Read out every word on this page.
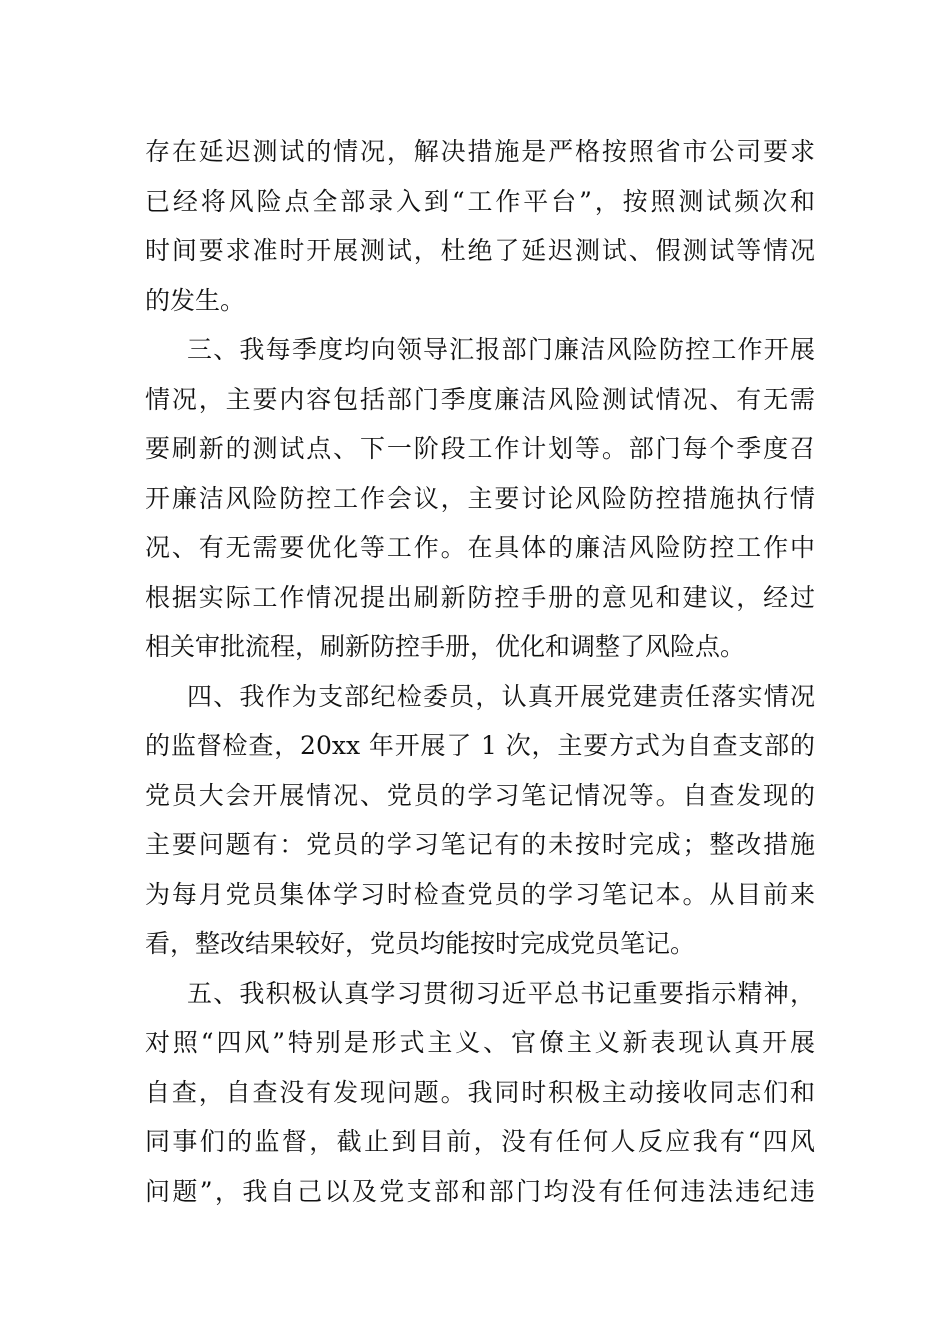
存在延迟测试的情况，解决措施是严格按照省市公司要求
已经将风险点全部录入到“工作平台”，按照测试频次和
时间要求准时开展测试，杜绝了延迟测试、假测试等情况
的发生。
三、我每季度均向领导汇报部门廉洁风险防控工作开展
情况，主要内容包括部门季度廉洁风险测试情况、有无需
要刷新的测试点、下一阶段工作计划等。部门每个季度召
开廉洁风险防控工作会议，主要讨论风险防控措施执行情
况、有无需要优化等工作。在具体的廉洁风险防控工作中
根据实际工作情况提出刷新防控手册的意见和建议，经过
相关审批流程，刷新防控手册，优化和调整了风险点。
四、我作为支部纪检委员，认真开展党建责任落实情况
的监督检查，20xx 年开展了 1 次，主要方式为自查支部的
党员大会开展情况、党员的学习笔记情况等。自查发现的
主要问题有：党员的学习笔记有的未按时完成；整改措施
为每月党员集体学习时检查党员的学习笔记本。从目前来
看，整改结果较好，党员均能按时完成党员笔记。
五、我积极认真学习贯彻习近平总书记重要指示精神，
对照“四风”特别是形式主义、官僚主义新表现认真开展
自查，自查没有发现问题。我同时积极主动接收同志们和
同事们的监督，截止到目前，没有任何人反应我有“四风
问题”，我自己以及党支部和部门均没有任何违法违纪违
